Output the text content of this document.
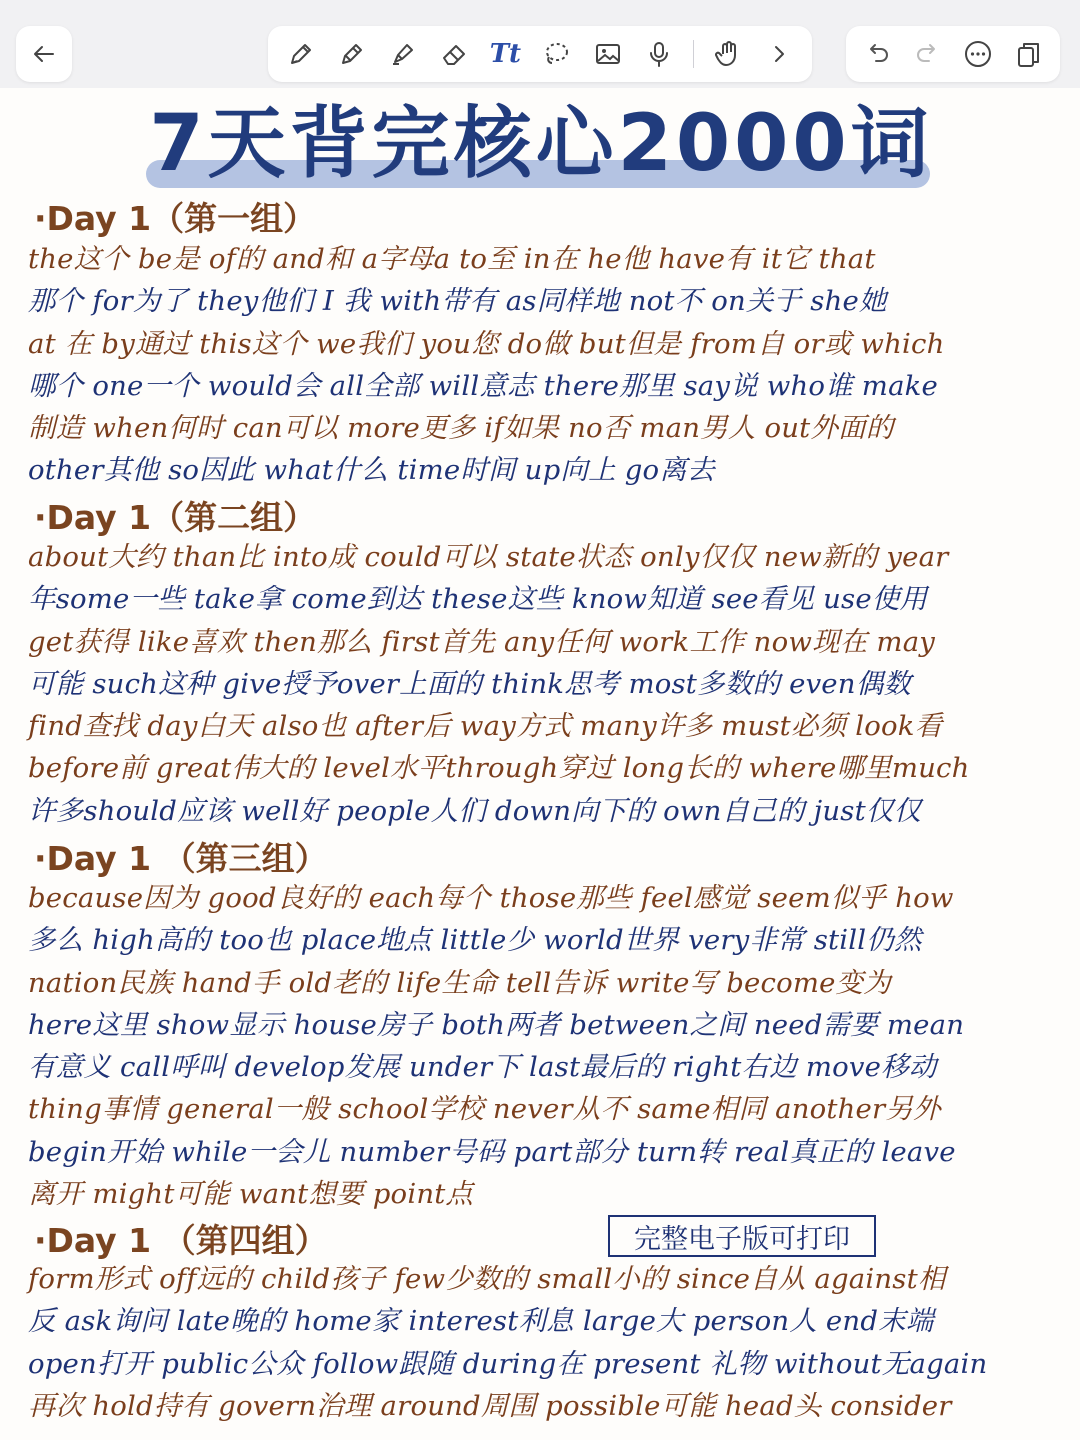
Tt
7天背完核心2000词
·Day 1（第一组）
the这个 be是 of的 and和 a字母a to至 in在 he他 have有 it它 that
那个 for为了 they他们 I 我 with带有 as同样地 not不 on关于 she她
at 在 by通过 this这个 we我们 you您 do做 but但是 from自 or或 which
哪个 one一个 would会 all全部 will意志 there那里 say说 who谁 make
制造 when何时 can可以 more更多 if如果 no否 man男人 out外面的
other其他 so因此 what什么 time时间 up向上 go离去
·Day 1（第二组）
about大约 than比 into成 could可以 state状态 only仅仅 new新的 year
年some一些 take拿 come到达 these这些 know知道 see看见 use使用
get获得 like喜欢 then那么 first首先 any任何 work工作 now现在 may
可能 such这种 give授予over上面的 think思考 most多数的 even偶数
find查找 day白天 also也 after后 way方式 many许多 must必须 look看
before前 great伟大的 level水平through穿过 long长的 where哪里much
许多should应该 well好 people人们 down向下的 own自己的 just仅仅
·Day 1 （第三组）
because因为 good良好的 each每个 those那些 feel感觉 seem似乎 how
多么 high高的 too也 place地点 little少 world世界 very非常 still仍然
nation民族 hand手 old老的 life生命 tell告诉 write写 become变为
here这里 show显示 house房子 both两者 between之间 need需要 mean
有意义 call呼叫 develop发展 under下 last最后的 right右边 move移动
thing事情 general一般 school学校 never从不 same相同 another另外
begin开始 while一会儿 number号码 part部分 turn转 real真正的 leave
离开 might可能 want想要 point点
·Day 1 （第四组）	完整电子版可打印
form形式 off远的 child孩子 few少数的 small小的 since自从 against相
反 ask询问 late晚的 home家 interest利息 large大 person人 end末端
open打开 public公众 follow跟随 during在 present 礼物 without无again
再次 hold持有 govern治理 around周围 possible可能 head头 consider
